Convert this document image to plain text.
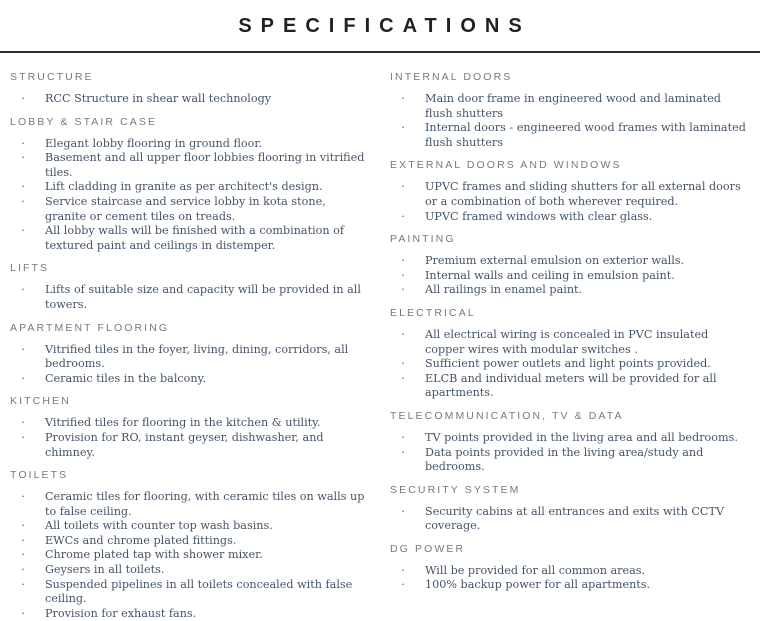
SPECIFICATIONS
STRUCTURE
· RCC Structure in shear wall technology
LOBBY & STAIR CASE
· Elegant lobby flooring in ground floor.
· Basement and all upper floor lobbies flooring in vitrified tiles.
· Lift cladding in granite as per architect's design.
· Service staircase and service lobby in kota stone, granite or cement tiles on treads.
· All lobby walls will be finished with a combination of textured paint and ceilings in distemper.
LIFTS
· Lifts of suitable size and capacity will be provided in all towers.
APARTMENT FLOORING
· Vitrified tiles in the foyer, living, dining, corridors, all bedrooms.
· Ceramic tiles in the balcony.
KITCHEN
· Vitrified tiles for flooring in the kitchen & utility.
· Provision for RO, instant geyser, dishwasher, and chimney.
TOILETS
· Ceramic tiles for flooring, with ceramic tiles on walls up to false ceiling.
· All toilets with counter top wash basins.
· EWCs and chrome plated fittings.
· Chrome plated tap with shower mixer.
· Geysers in all toilets.
· Suspended pipelines in all toilets concealed with false ceiling.
· Provision for exhaust fans.
INTERNAL DOORS
· Main door frame in engineered wood and laminated flush shutters
· Internal doors - engineered wood frames with laminated flush shutters
EXTERNAL DOORS AND WINDOWS
· UPVC frames and sliding shutters for all external doors or a combination of both wherever required.
· UPVC framed windows with clear glass.
PAINTING
· Premium external emulsion on exterior walls.
· Internal walls and ceiling in emulsion paint.
· All railings in enamel paint.
ELECTRICAL
· All electrical wiring is concealed in PVC insulated copper wires with modular switches .
· Sufficient power outlets and light points provided.
· ELCB and individual meters will be provided for all apartments.
TELECOMMUNICATION, TV & DATA
· TV points provided in the living area and all bedrooms.
· Data points provided in the living area/study and bedrooms.
SECURITY SYSTEM
· Security cabins at all entrances and exits with CCTV coverage.
DG POWER
· Will be provided for all common areas.
· 100% backup power for all apartments.
